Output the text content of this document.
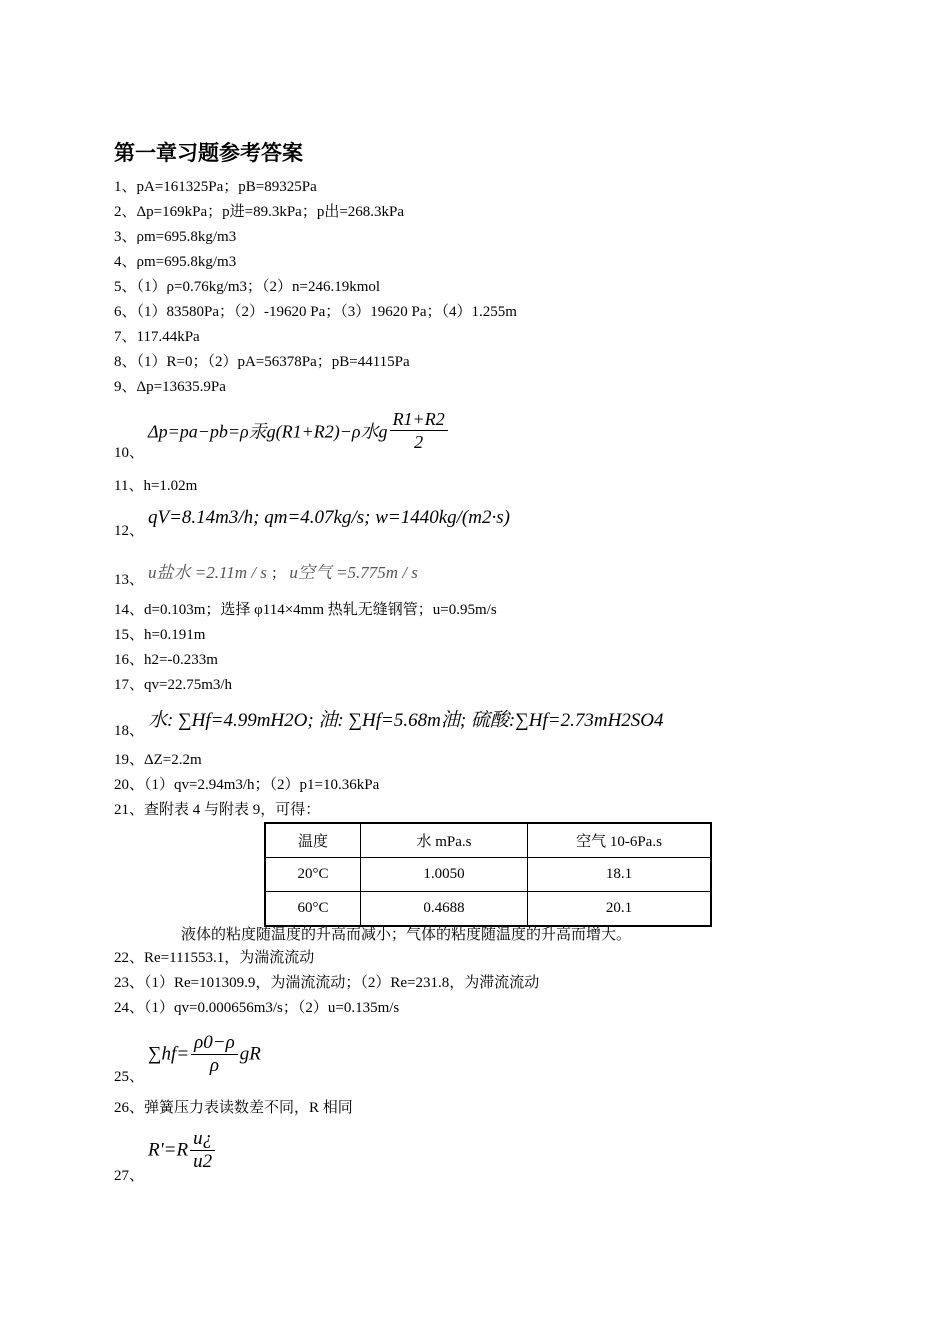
第一章习题参考答案
1、pA=161325Pa；pB=89325Pa
2、Δp=169kPa；p进=89.3kPa；p出=268.3kPa
3、ρm=695.8kg/m3
4、ρm=695.8kg/m3
5、（1）ρ=0.76kg/m3；（2）n=246.19kmol
6、（1）83580Pa；（2）-19620 Pa；（3）19620 Pa；（4）1.255m
7、117.44kPa
8、（1）R=0；（2）pA=56378Pa；pB=44115Pa
9、Δp=13635.9Pa
10、
Δp=pa−pb=ρ汞g(R1+R2)−ρ水g $\frac{R1+R2}{2}$
11、h=1.02m
12、
qV=8.14m3/h; qm=4.07kg/s; w=1440kg/(m2·s)
13、 u盐水 =2.11m / s ； u空气 =5.775m / s
14、d=0.103m；选择 φ114×4mm 热轧无缝钢管；u=0.95m/s
15、h=0.191m
16、h2=-0.233m
17、qv=22.75m3/h
18、 水: ∑Hf=4.99mH2O; 油: ∑Hf=5.68m油; 硫酸:∑Hf=2.73mH2SO4
19、ΔZ=2.2m
20、（1）qv=2.94m3/h；（2）p1=10.36kPa
21、查附表 4 与附表 9，可得：
温度	水 mPa.s	空气 10-6Pa.s
20°C	1.0050	18.1
60°C	0.4688	20.1
液体的粘度随温度的升高而减小；气体的粘度随温度的升高而增大。
22、Re=111553.1，为湍流流动
23、（1）Re=101309.9，为湍流流动；（2）Re=231.8，为滞流流动
24、（1）qv=0.000656m3/s；（2）u=0.135m/s
25、
$\sum hf= \frac{\rho 0-\rho}{\rho}$ gR
26、弹簧压力表读数差不同，R 相同
27、
$R'=R \frac{u¿}{u2}$
